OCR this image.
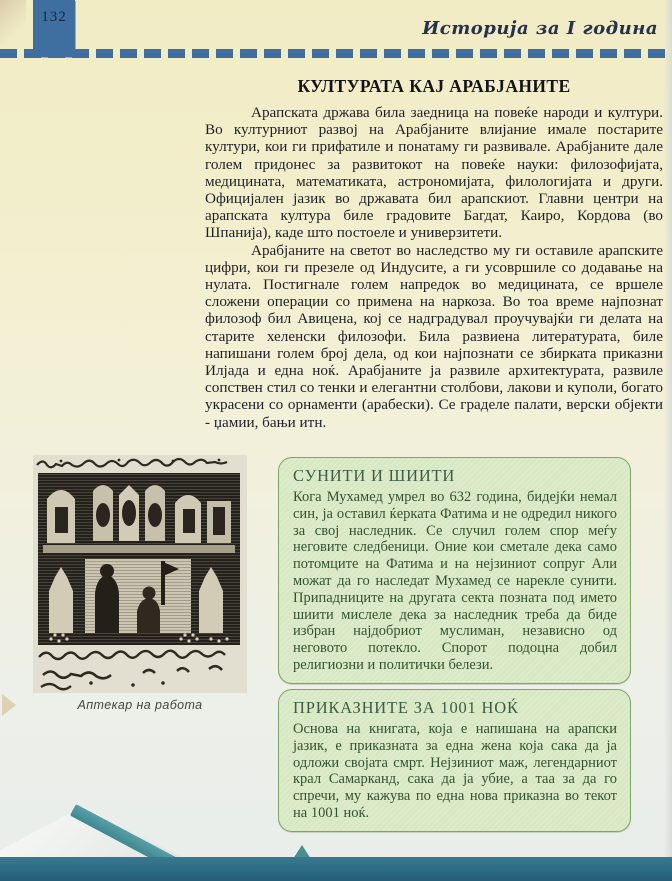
132
Историја за I година
КУЛТУРАТА КАЈ АРАБЈАНИТЕ

Арапската држава била заедница на повеќе народи и култури. Во културниот развој на Арабјаните влијание имале постарите култури, кои ги прифатиле и понатаму ги развивале. Арабјаните дале голем придонес за развитокот на повеќе науки: филозофијата, медицината, математиката, астрономијата, филологијата и други. Официјален јазик во државата бил арапскиот. Главни центри на арапската култура биле градовите Багдат, Каиро, Кордова (во Шпанија), каде што постоеле и универзитети.

Арабјаните на светот во наследство му ги оставиле арапските цифри, кои ги презеле од Индусите, а ги усовршиле со додавање на нулата. Постигнале голем напредок во медицината, се вршеле сложени операции со примена на наркоза. Во тоа време најпознат филозоф бил Авицена, кој се надградувал проучувајќи ги делата на старите хеленски филозофи. Била развиена литературата, биле напишани голем број дела, од кои најпознати се збирката приказни Илјада и една ноќ. Арабјаните ја развиле архитектурата, развиле сопствен стил со тенки и елегантни столбови, лакови и куполи, богато украсени со орнаменти (арабески). Се граделе палати, верски објекти - џамии, бањи итн.

Аптекар на работа
СУНИТИ И ШИИТИ

Кога Мухамед умрел во 632 година, бидејќи немал син, ја оставил ќерката Фатима и не одредил никого за свој наследник. Се случил голем спор меѓу неговите следбеници. Оние кои сметале дека само потомците на Фатима и на нејзиниот сопруг Али можат да го наследат Мухамед се нарекле сунити. Припадниците на другата секта позната под името шиити мислеле дека за наследник треба да биде избран најдобриот муслиман, независно од неговото потекло. Спорот подоцна добил религиозни и политички белези.

ПРИКАЗНИТЕ ЗА 1001 НОЌ

Основа на книгата, која е напишана на арапски јазик, е приказната за една жена која сака да ја одложи својата смрт. Нејзиниот маж, легендарниот крал Самарканд, сака да ја убие, а таа за да го спречи, му кажува по една нова приказна во текот на 1001 ноќ.
